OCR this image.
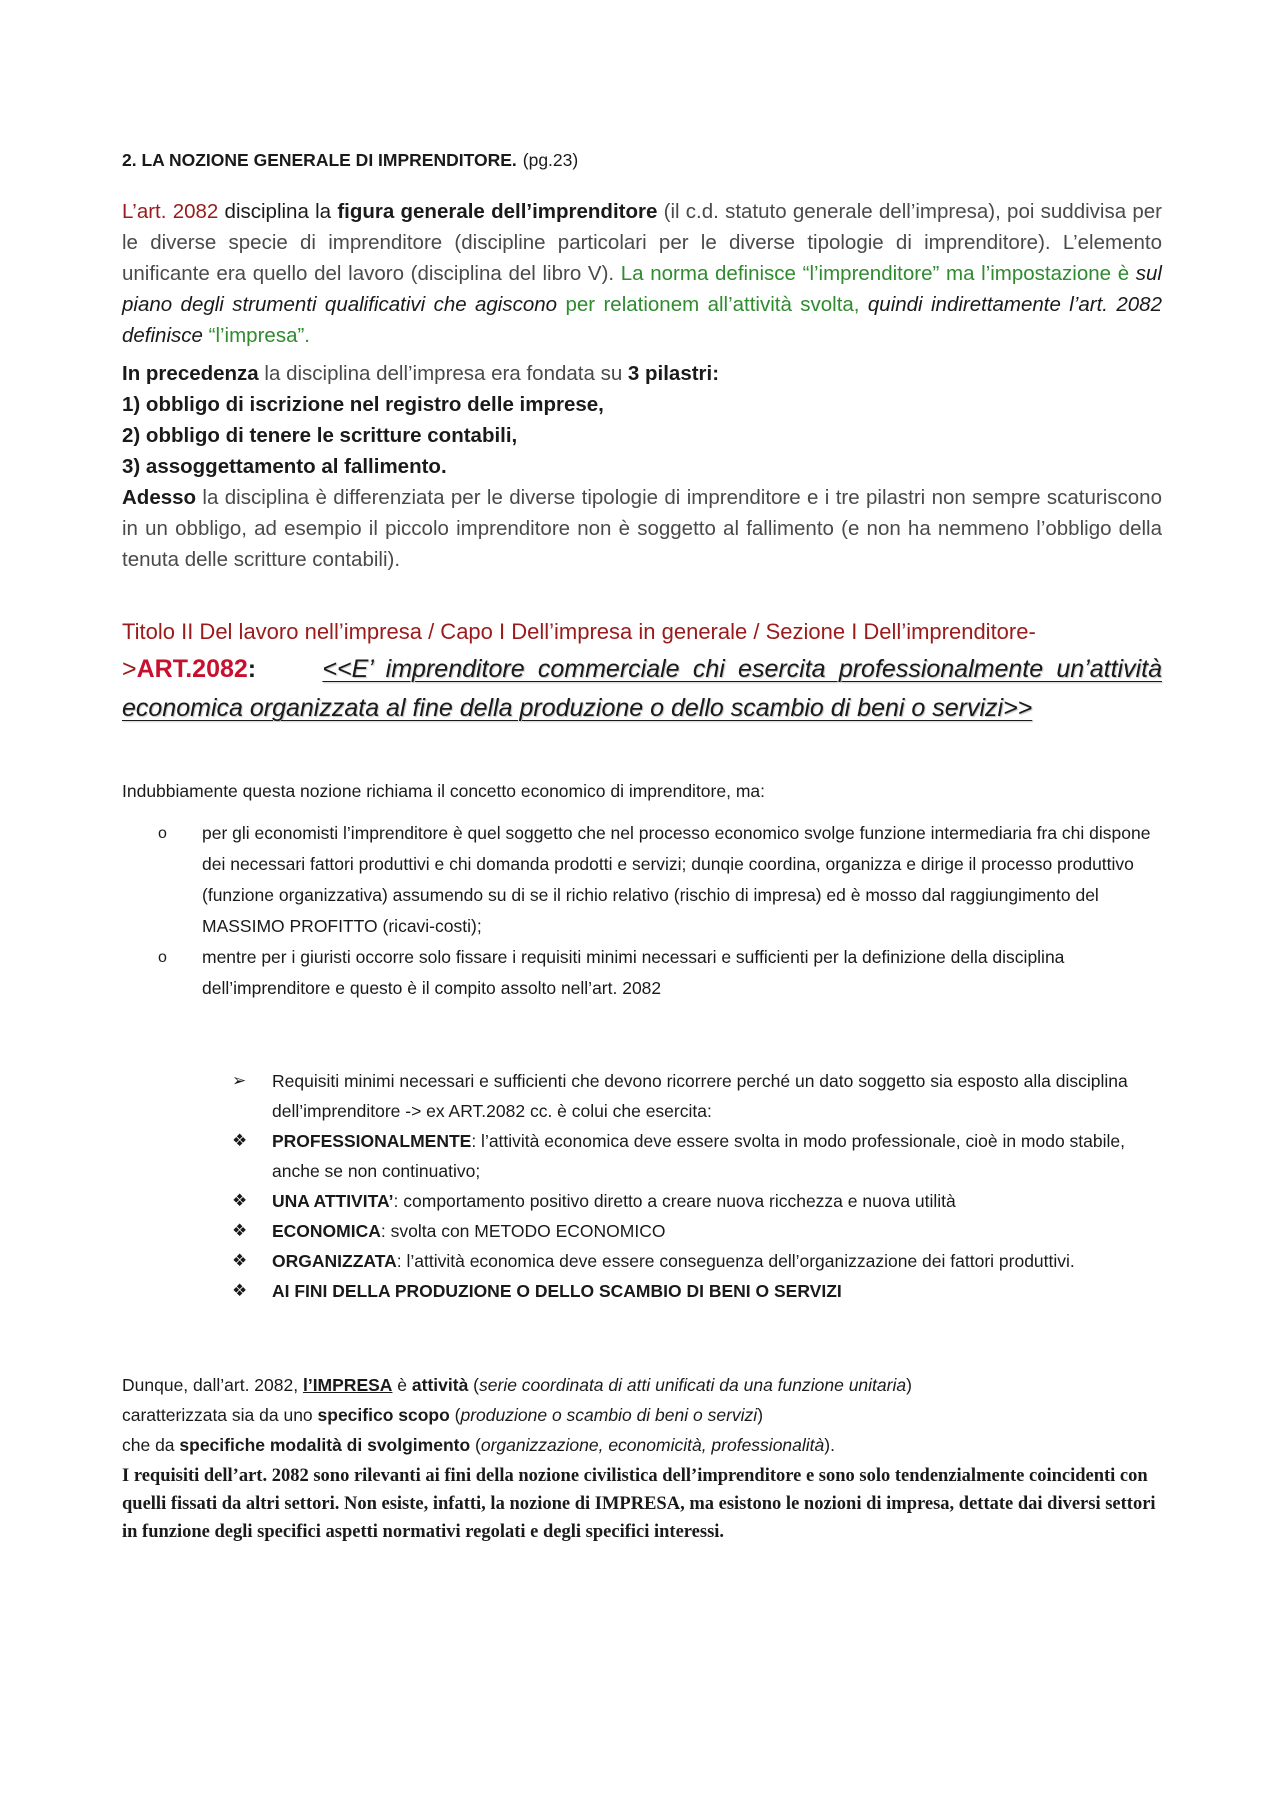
2. LA NOZIONE GENERALE DI IMPRENDITORE. (pg.23)
L’art. 2082 disciplina la figura generale dell’imprenditore (il c.d. statuto generale dell’impresa), poi suddivisa per le diverse specie di imprenditore (discipline particolari per le diverse tipologie di imprenditore). L’elemento unificante era quello del lavoro (disciplina del libro V). La norma definisce “l’imprenditore” ma l’impostazione è sul piano degli strumenti qualificativi che agiscono per relationem all’attività svolta, quindi indirettamente l’art. 2082 definisce “l’impresa”.
In precedenza la disciplina dell’impresa era fondata su 3 pilastri:
1) obbligo di iscrizione nel registro delle imprese,
2) obbligo di tenere le scritture contabili,
3) assoggettamento al fallimento.
Adesso la disciplina è differenziata per le diverse tipologie di imprenditore e i tre pilastri non sempre scaturiscono in un obbligo, ad esempio il piccolo imprenditore non è soggetto al fallimento (e non ha nemmeno l’obbligo della tenuta delle scritture contabili).
Titolo II Del lavoro nell’impresa / Capo I Dell’impresa in generale / Sezione I Dell’imprenditore-
>ART.2082:	<<E’ imprenditore commerciale chi esercita professionalmente un’attività economica organizzata al fine della produzione o dello scambio di beni o servizi>>
Indubbiamente questa nozione richiama il concetto economico di imprenditore, ma:
o per gli economisti l’imprenditore è quel soggetto che nel processo economico svolge funzione intermediaria fra chi dispone dei necessari fattori produttivi e chi domanda prodotti e servizi; dunqie coordina, organizza e dirige il processo produttivo (funzione organizzativa) assumendo su di se il richio relativo (rischio di impresa) ed è mosso dal raggiungimento del MASSIMO PROFITTO (ricavi-costi);
o mentre per i giuristi occorre solo fissare i requisiti minimi necessari e sufficienti per la definizione della disciplina dell’imprenditore e questo è il compito assolto nell’art. 2082
➢ Requisiti minimi necessari e sufficienti che devono ricorrere perché un dato soggetto sia esposto alla disciplina dell’imprenditore -> ex ART.2082 cc. è colui che esercita:
❖ PROFESSIONALMENTE: l’attività economica deve essere svolta in modo professionale, cioè in modo stabile, anche se non continuativo;
❖ UNA ATTIVITA’: comportamento positivo diretto a creare nuova ricchezza e nuova utilità
❖ ECONOMICA: svolta con METODO ECONOMICO
❖ ORGANIZZATA: l’attività economica deve essere conseguenza dell’organizzazione dei fattori produttivi.
❖ AI FINI DELLA PRODUZIONE O DELLO SCAMBIO DI BENI O SERVIZI
Dunque, dall’art. 2082, l’IMPRESA è attività (serie coordinata di atti unificati da una funzione unitaria)
caratterizzata sia da uno specifico scopo (produzione o scambio di beni o servizi)
che da specifiche modalità di svolgimento (organizzazione, economicità, professionalità).
I requisiti dell’art. 2082 sono rilevanti ai fini della nozione civilistica dell’imprenditore e sono solo tendenzialmente coincidenti con quelli fissati da altri settori. Non esiste, infatti, la nozione di IMPRESA, ma esistono le nozioni di impresa, dettate dai diversi settori in funzione degli specifici aspetti normativi regolati e degli specifici interessi.
